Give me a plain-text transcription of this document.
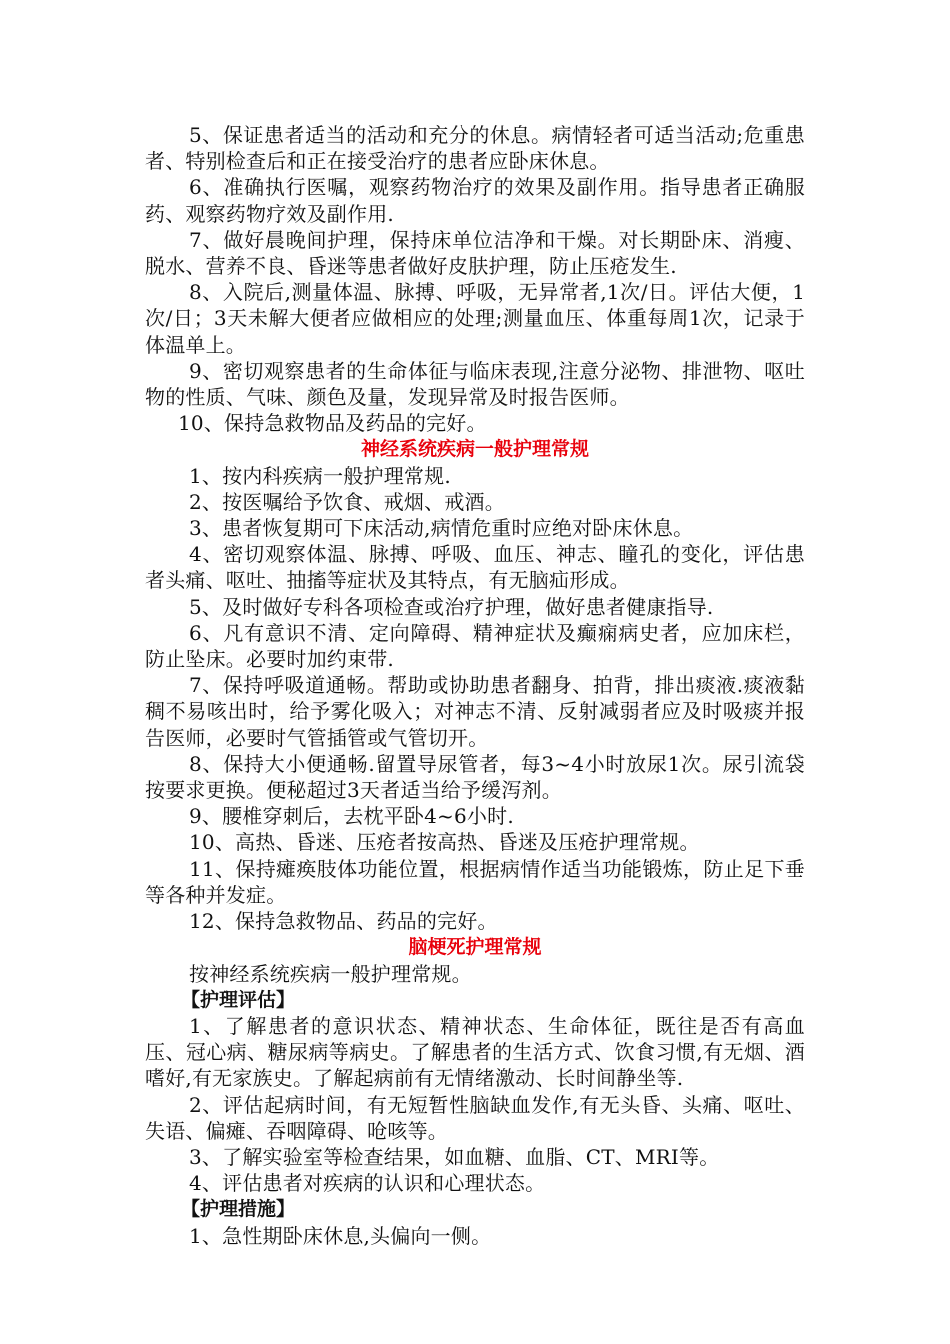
5、保证患者适当的活动和充分的休息。病情轻者可适当活动;危重患者、特别检查后和正在接受治疗的患者应卧床休息。

6、准确执行医嘱，观察药物治疗的效果及副作用。指导患者正确服药、观察药物疗效及副作用.

7、做好晨晚间护理，保持床单位洁净和干燥。对长期卧床、消瘦、脱水、营养不良、昏迷等患者做好皮肤护理，防止压疮发生.

8、入院后,测量体温、脉搏、呼吸，无异常者,1次/日。评估大便，1次/日；3天未解大便者应做相应的处理;测量血压、体重每周1次，记录于体温单上。

9、密切观察患者的生命体征与临床表现,注意分泌物、排泄物、呕吐物的性质、气味、颜色及量，发现异常及时报告医师。

10、保持急救物品及药品的完好。

神经系统疾病一般护理常规

1、按内科疾病一般护理常规.

2、按医嘱给予饮食、戒烟、戒酒。

3、患者恢复期可下床活动,病情危重时应绝对卧床休息。

4、密切观察体温、脉搏、呼吸、血压、神志、瞳孔的变化，评估患者头痛、呕吐、抽搐等症状及其特点，有无脑疝形成。

5、及时做好专科各项检查或治疗护理，做好患者健康指导.

6、凡有意识不清、定向障碍、精神症状及癫痫病史者，应加床栏，防止坠床。必要时加约束带.

7、保持呼吸道通畅。帮助或协助患者翻身、拍背，排出痰液.痰液黏稠不易咳出时，给予雾化吸入；对神志不清、反射减弱者应及时吸痰并报告医师，必要时气管插管或气管切开。

8、保持大小便通畅.留置导尿管者，每3~4小时放尿1次。尿引流袋按要求更换。便秘超过3天者适当给予缓泻剂。

9、腰椎穿刺后，去枕平卧4~6小时.

10、高热、昏迷、压疮者按高热、昏迷及压疮护理常规。

11、保持瘫痪肢体功能位置，根据病情作适当功能锻炼，防止足下垂等各种并发症。

12、保持急救物品、药品的完好。

脑梗死护理常规

按神经系统疾病一般护理常规。

【护理评估】

1、了解患者的意识状态、精神状态、生命体征，既往是否有高血压、冠心病、糖尿病等病史。了解患者的生活方式、饮食习惯,有无烟、酒嗜好,有无家族史。了解起病前有无情绪激动、长时间静坐等.

2、评估起病时间，有无短暂性脑缺血发作,有无头昏、头痛、呕吐、失语、偏瘫、吞咽障碍、呛咳等。

3、了解实验室等检查结果，如血糖、血脂、CT、MRI等。

4、评估患者对疾病的认识和心理状态。

【护理措施】

1、急性期卧床休息,头偏向一侧。
